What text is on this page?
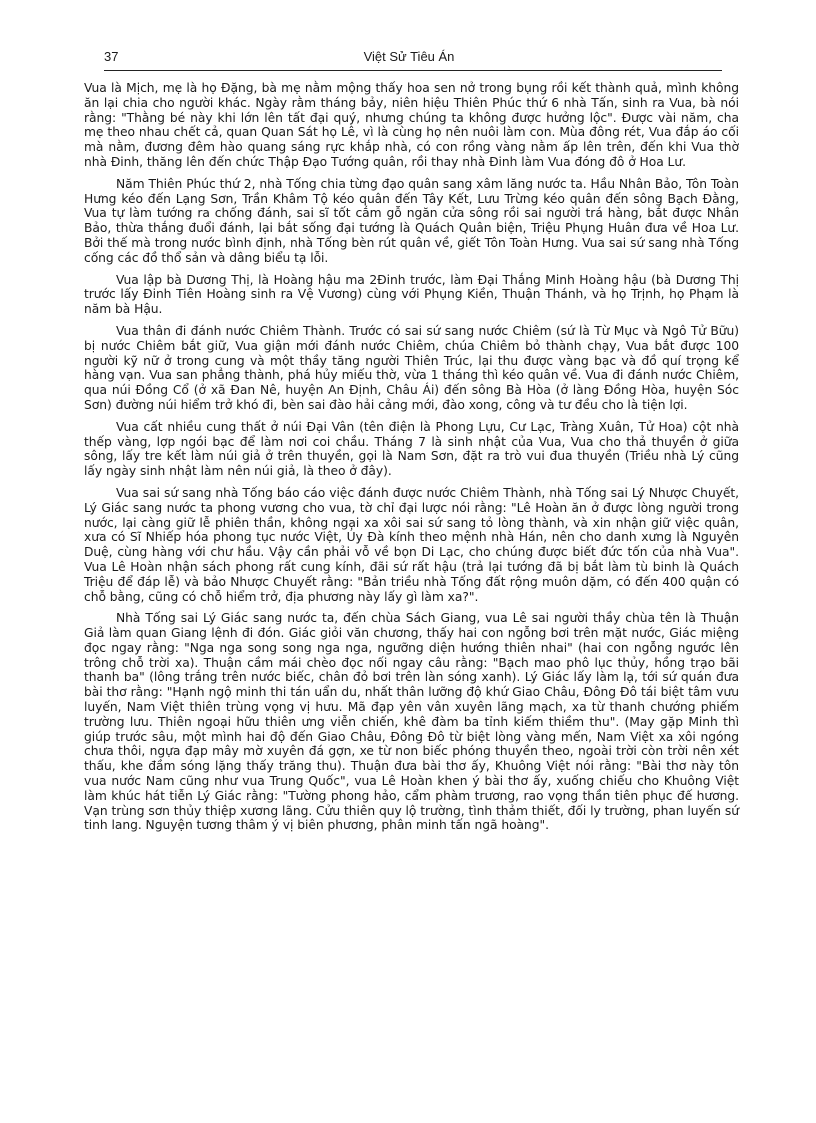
37	Việt Sử Tiêu Án

Vua là Mịch, mẹ là họ Đặng, bà mẹ nằm mộng thấy hoa sen nở trong bụng rồi kết thành quả, mình không ăn lại chia cho người khác. Ngày rằm tháng bảy, niên hiệu Thiên Phúc thứ 6 nhà Tấn, sinh ra Vua, bà nói rằng: "Thằng bé này khi lớn lên tất đại quý, nhưng chúng ta không được hưởng lộc". Được vài năm, cha mẹ theo nhau chết cả, quan Quan Sát họ Lê, vì là cùng họ nên nuôi làm con. Mùa đông rét, Vua đắp áo cối mà nằm, đương đêm hào quang sáng rực khắp nhà, có con rồng vàng nằm ấp lên trên, đến khi Vua thờ nhà Đinh, thăng lên đến chức Thập Đạo Tướng quân, rồi thay nhà Đinh làm Vua đóng đô ở Hoa Lư.

Năm Thiên Phúc thứ 2, nhà Tống chia từng đạo quân sang xâm lăng nước ta. Hầu Nhân Bảo, Tôn Toàn Hưng kéo đến Lạng Sơn, Trần Khâm Tộ kéo quân đến Tây Kết, Lưu Trừng kéo quân đến sông Bạch Đằng, Vua tự làm tướng ra chống đánh, sai sĩ tốt cắm gỗ ngăn cửa sông rồi sai người trá hàng, bắt được Nhân Bảo, thừa thắng đuổi đánh, lại bắt sống đại tướng là Quách Quân biện, Triệu Phụng Huân đưa về Hoa Lư. Bởi thế mà trong nước bình định, nhà Tống bèn rút quân về, giết Tôn Toàn Hưng. Vua sai sứ sang nhà Tống cống các đồ thổ sản và dâng biểu tạ lỗi.

Vua lập bà Dương Thị, là Hoàng hậu ma 2Đinh trước, làm Đại Thắng Minh Hoàng hậu (bà Dương Thị trước lấy Đinh Tiên Hoàng sinh ra Vệ Vương) cùng với Phụng Kiền, Thuận Thánh, và họ Trịnh, họ Phạm là năm bà Hậu.

Vua thân đi đánh nước Chiêm Thành. Trước có sai sứ sang nước Chiêm (sứ là Từ Mục và Ngô Tử Bữu) bị nước Chiêm bắt giữ, Vua giận mới đánh nước Chiêm, chúa Chiêm bỏ thành chạy, Vua bắt được 100 người kỹ nữ ở trong cung và một thầy tăng người Thiên Trúc, lại thu được vàng bạc và đồ quí trọng kể hàng vạn. Vua san phẳng thành, phá hủy miếu thờ, vừa 1 tháng thì kéo quân về. Vua đi đánh nước Chiêm, qua núi Đồng Cổ (ở xã Đan Nê, huyện An Định, Châu Ái) đến sông Bà Hòa (ở làng Đồng Hòa, huyện Sóc Sơn) đường núi hiểm trở khó đi, bèn sai đào hải cảng mới, đào xong, công và tư đều cho là tiện lợi.

Vua cất nhiều cung thất ở núi Đại Vân (tên điện là Phong Lựu, Cư Lạc, Tràng Xuân, Tử Hoa) cột nhà thếp vàng, lợp ngói bạc để làm nơi coi chầu. Tháng 7 là sinh nhật của Vua, Vua cho thả thuyền ở giữa sông, lấy tre kết làm núi giả ở trên thuyền, gọi là Nam Sơn, đặt ra trò vui đua thuyền (Triều nhà Lý cũng lấy ngày sinh nhật làm nên núi giả, là theo ở đây).

Vua sai sứ sang nhà Tống báo cáo việc đánh được nước Chiêm Thành, nhà Tống sai Lý Nhược Chuyết, Lý Giác sang nước ta phong vương cho vua, tờ chỉ đại lược nói rằng: "Lê Hoàn ăn ở được lòng người trong nước, lại càng giữ lễ phiên thần, không ngại xa xôi sai sứ sang tỏ lòng thành, và xin nhận giữ việc quân, xưa có Sĩ Nhiếp hóa phong tục nước Việt, Úy Đà kính theo mệnh nhà Hán, nên cho danh xưng là Nguyên Duệ, cùng hàng với chư hầu. Vậy cần phải vỗ về bọn Di Lạc, cho chúng được biết đức tốn của nhà Vua". Vua Lê Hoàn nhận sách phong rất cung kính, đãi sứ rất hậu (trả lại tướng đã bị bắt làm tù binh là Quách Triệu để đáp lễ) và bảo Nhược Chuyết rằng: "Bản triều nhà Tống đất rộng muôn dặm, có đến 400 quận có chỗ bằng, cũng có chỗ hiểm trở, địa phương này lấy gì làm xa?".

Nhà Tống sai Lý Giác sang nước ta, đến chùa Sách Giang, vua Lê sai người thầy chùa tên là Thuận Giả làm quan Giang lệnh đi đón. Giác giỏi văn chương, thấy hai con ngỗng bơi trên mặt nước, Giác miệng đọc ngay rằng: "Nga nga song song nga nga, ngưỡng diện hướng thiên nhai" (hai con ngỗng ngước lên trông chỗ trời xa). Thuận cầm mái chèo đọc nối ngay câu rằng: "Bạch mao phô lục thủy, hồng trạo bãi thanh ba" (lông trắng trên nước biếc, chân đỏ bơi trên làn sóng xanh). Lý Giác lấy làm lạ, tới sứ quán đưa bài thơ rằng: "Hạnh ngộ minh thi tán uẩn du, nhất thân lưỡng độ khứ Giao Châu, Đông Đô tái biệt tâm vưu luyến, Nam Việt thiên trùng vọng vị hưu. Mã đạp yên vân xuyên lãng mạch, xa từ thanh chướng phiếm trường lưu. Thiên ngoại hữu thiên ưng viễn chiến, khê đàm ba tỉnh kiếm thiềm thu". (May gặp Minh thì giúp trước sâu, một mình hai độ đến Giao Châu, Đông Đô từ biệt lòng vàng mến, Nam Việt xa xôi ngóng chưa thôi, ngựa đạp mây mờ xuyên đá gợn, xe từ non biếc phóng thuyền theo, ngoài trời còn trời nên xét thấu, khe đầm sóng lặng thấy trăng thu). Thuận đưa bài thơ ấy, Khuông Việt nói rằng: "Bài thơ này tôn vua nước Nam cũng như vua Trung Quốc", vua Lê Hoàn khen ý bài thơ ấy, xuống chiếu cho Khuông Việt làm khúc hát tiễn Lý Giác rằng: "Tường phong hảo, cẩm phàm trương, rao vọng thần tiên phục đế hương. Vạn trùng sơn thủy thiệp xương lãng. Cửu thiên quy lộ trường, tình thảm thiết, đối ly trường, phan luyến sứ tinh lang. Nguyện tương thâm ý vị biên phương, phân minh tấn ngã hoàng".
